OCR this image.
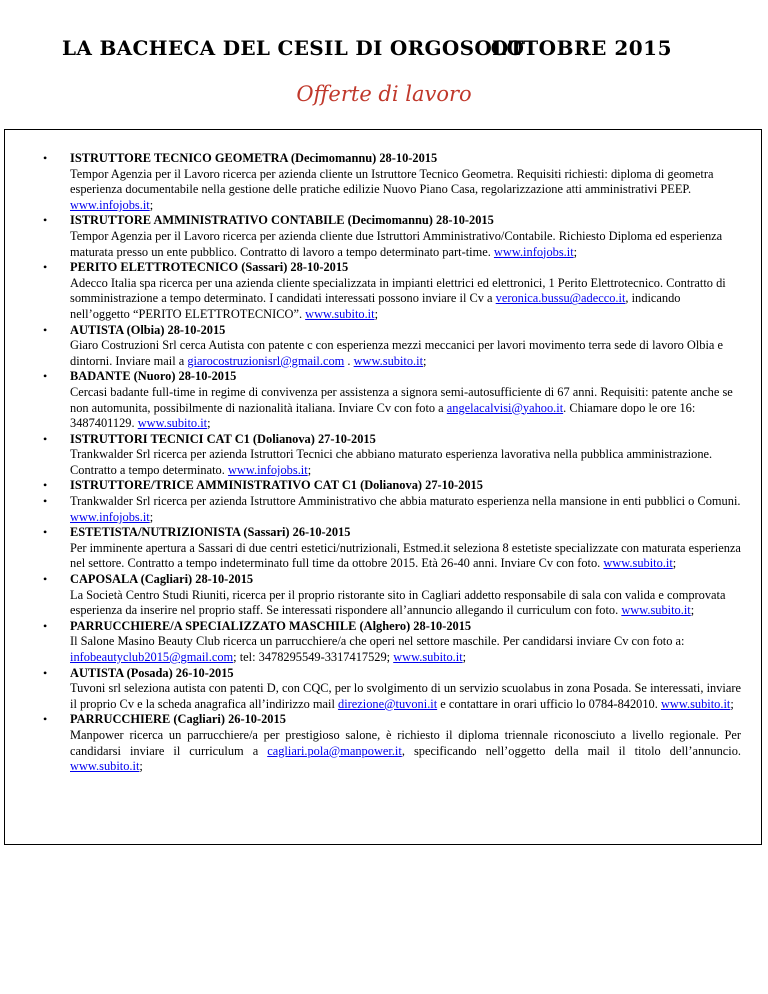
LA BACHECA DEL CESIL DI ORGOSOLO
OTTOBRE 2015
Offerte di lavoro
• ISTRUTTORE TECNICO GEOMETRA (Decimomannu) 28-10-2015
Tempor Agenzia per il Lavoro ricerca per azienda cliente un Istruttore Tecnico Geometra. Requisiti richiesti: diploma di geometra esperienza documentabile nella gestione delle pratiche edilizie Nuovo Piano Casa, regolarizzazione atti amministrativi PEEP. www.infojobs.it;
• ISTRUTTORE AMMINISTRATIVO CONTABILE (Decimomannu) 28-10-2015
Tempor Agenzia per il Lavoro ricerca per azienda cliente due Istruttori Amministrativo/Contabile. Richiesto Diploma ed esperienza maturata presso un ente pubblico. Contratto di lavoro a tempo determinato part-time. www.infojobs.it;
• PERITO ELETTROTECNICO (Sassari) 28-10-2015
Adecco Italia spa ricerca per una azienda cliente specializzata in impianti elettrici ed elettronici, 1 Perito Elettrotecnico. Contratto di somministrazione a tempo determinato. I candidati interessati possono inviare il Cv a veronica.bussu@adecco.it, indicando nell’oggetto “PERITO ELETTROTECNICO”. www.subito.it;
• AUTISTA (Olbia) 28-10-2015
Giaro Costruzioni Srl cerca Autista con patente c con esperienza mezzi meccanici per lavori movimento terra sede di lavoro Olbia e dintorni. Inviare mail a giarocostruzionisrl@gmail.com . www.subito.it;
• BADANTE (Nuoro) 28-10-2015
Cercasi badante full-time in regime di convivenza per assistenza a signora semi-autosufficiente di 67 anni. Requisiti: patente anche se non automunita, possibilmente di nazionalità italiana. Inviare Cv con foto a angelacalvisi@yahoo.it. Chiamare dopo le ore 16: 3487401129. www.subito.it;
• ISTRUTTORI TECNICI CAT C1 (Dolianova) 27-10-2015
Trankwalder Srl ricerca per azienda Istruttori Tecnici che abbiano maturato esperienza lavorativa nella pubblica amministrazione. Contratto a tempo determinato. www.infojobs.it;
• ISTRUTTORE/TRICE AMMINISTRATIVO CAT C1 (Dolianova) 27-10-2015
• Trankwalder Srl ricerca per azienda Istruttore Amministrativo che abbia maturato esperienza nella mansione in enti pubblici o Comuni. www.infojobs.it;
• ESTETISTA/NUTRIZIONISTA (Sassari) 26-10-2015
Per imminente apertura a Sassari di due centri estetici/nutrizionali, Estmed.it seleziona 8 estetiste specializzate con maturata esperienza nel settore. Contratto a tempo indeterminato full time da ottobre 2015. Età 26-40 anni. Inviare Cv con foto. www.subito.it;
• CAPOSALA (Cagliari) 28-10-2015
La Società Centro Studi Riuniti, ricerca per il proprio ristorante sito in Cagliari addetto responsabile di sala con valida e comprovata esperienza da inserire nel proprio staff. Se interessati rispondere all’annuncio allegando il curriculum con foto. www.subito.it;
• PARRUCCHIERE/A SPECIALIZZATO MASCHILE (Alghero) 28-10-2015
Il Salone Masino Beauty Club ricerca un parrucchiere/a che operi nel settore maschile. Per candidarsi inviare Cv con foto a: infobeautyclub2015@gmail.com; tel: 3478295549-3317417529; www.subito.it;
• AUTISTA (Posada) 26-10-2015
Tuvoni srl seleziona autista con patenti D, con CQC, per lo svolgimento di un servizio scuolabus in zona Posada. Se interessati, inviare il proprio Cv e la scheda anagrafica all’indirizzo mail direzione@tuvoni.it e contattare in orari ufficio lo 0784-842010. www.subito.it;
• PARRUCCHIERE (Cagliari) 26-10-2015
Manpower ricerca un parrucchiere/a per prestigioso salone, è richiesto il diploma triennale riconosciuto a livello regionale. Per candidarsi inviare il curriculum a cagliari.pola@manpower.it, specificando nell’oggetto della mail il titolo dell’annuncio. www.subito.it;
